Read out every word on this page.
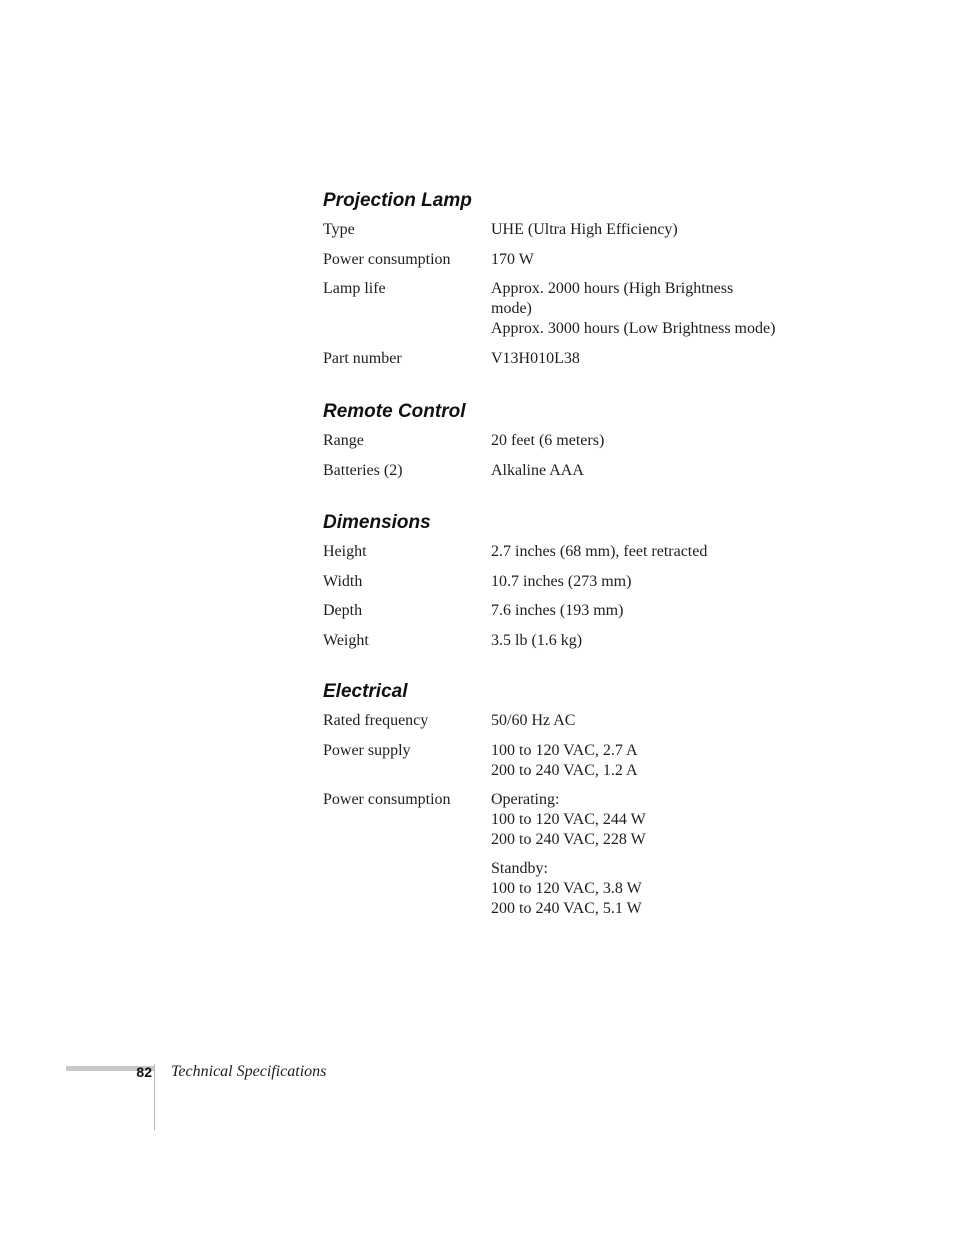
Projection Lamp
Type	UHE (Ultra High Efficiency)
Power consumption	170 W
Lamp life	Approx. 2000 hours (High Brightness
mode)
Approx. 3000 hours (Low Brightness mode)
Part number	V13H010L38
Remote Control
Range	20 feet (6 meters)
Batteries (2)	Alkaline AAA
Dimensions
Height	2.7 inches (68 mm), feet retracted
Width	10.7 inches (273 mm)
Depth	7.6 inches (193 mm)
Weight	3.5 lb (1.6 kg)
Electrical
Rated frequency	50/60 Hz AC
Power supply	100 to 120 VAC, 2.7 A
200 to 240 VAC, 1.2 A
Power consumption	Operating:
100 to 120 VAC, 244 W
200 to 240 VAC, 228 W
Standby:
100 to 120 VAC, 3.8 W
200 to 240 VAC, 5.1 W
82 Technical Specifications
